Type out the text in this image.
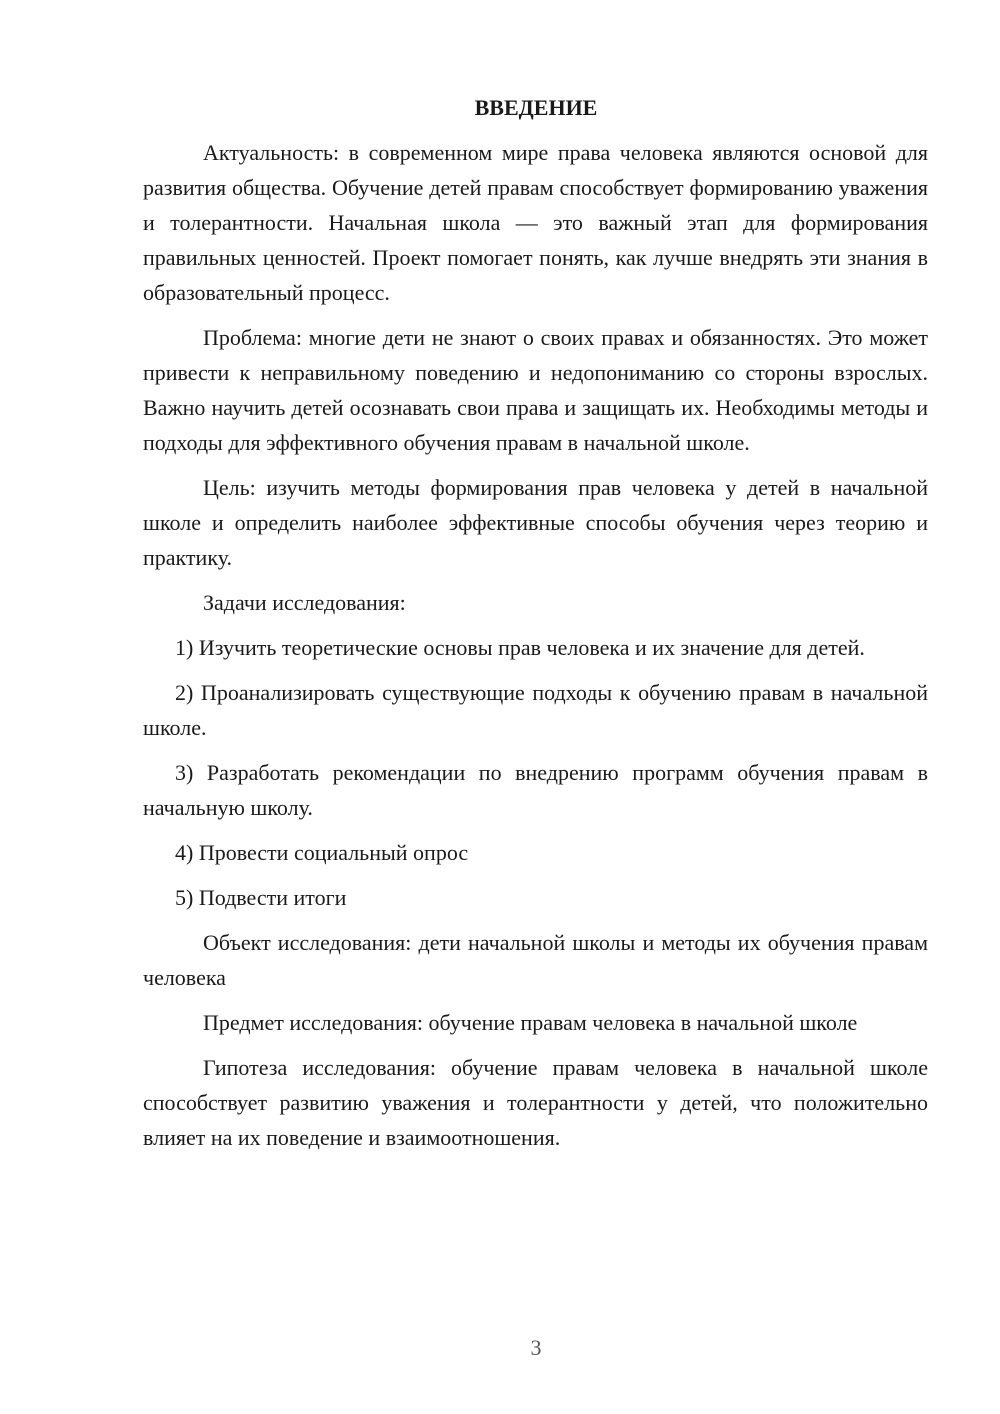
ВВЕДЕНИЕ

Актуальность: в современном мире права человека являются основой для развития общества. Обучение детей правам способствует формированию уважения и толерантности. Начальная школа — это важный этап для формирования правильных ценностей. Проект помогает понять, как лучше внедрять эти знания в образовательный процесс.

Проблема: многие дети не знают о своих правах и обязанностях. Это может привести к неправильному поведению и недопониманию со стороны взрослых. Важно научить детей осознавать свои права и защищать их. Необходимы методы и подходы для эффективного обучения правам в начальной школе.

Цель: изучить методы формирования прав человека у детей в начальной школе и определить наиболее эффективные способы обучения через теорию и практику.

Задачи исследования:

1) Изучить теоретические основы прав человека и их значение для детей.

2) Проанализировать существующие подходы к обучению правам в начальной школе.

3) Разработать рекомендации по внедрению программ обучения правам в начальную школу.

4) Провести социальный опрос

5) Подвести итоги

Объект исследования: дети начальной школы и методы их обучения правам человека

Предмет исследования: обучение правам человека в начальной школе

Гипотеза исследования: обучение правам человека в начальной школе способствует развитию уважения и толерантности у детей, что положительно влияет на их поведение и взаимоотношения.

3
